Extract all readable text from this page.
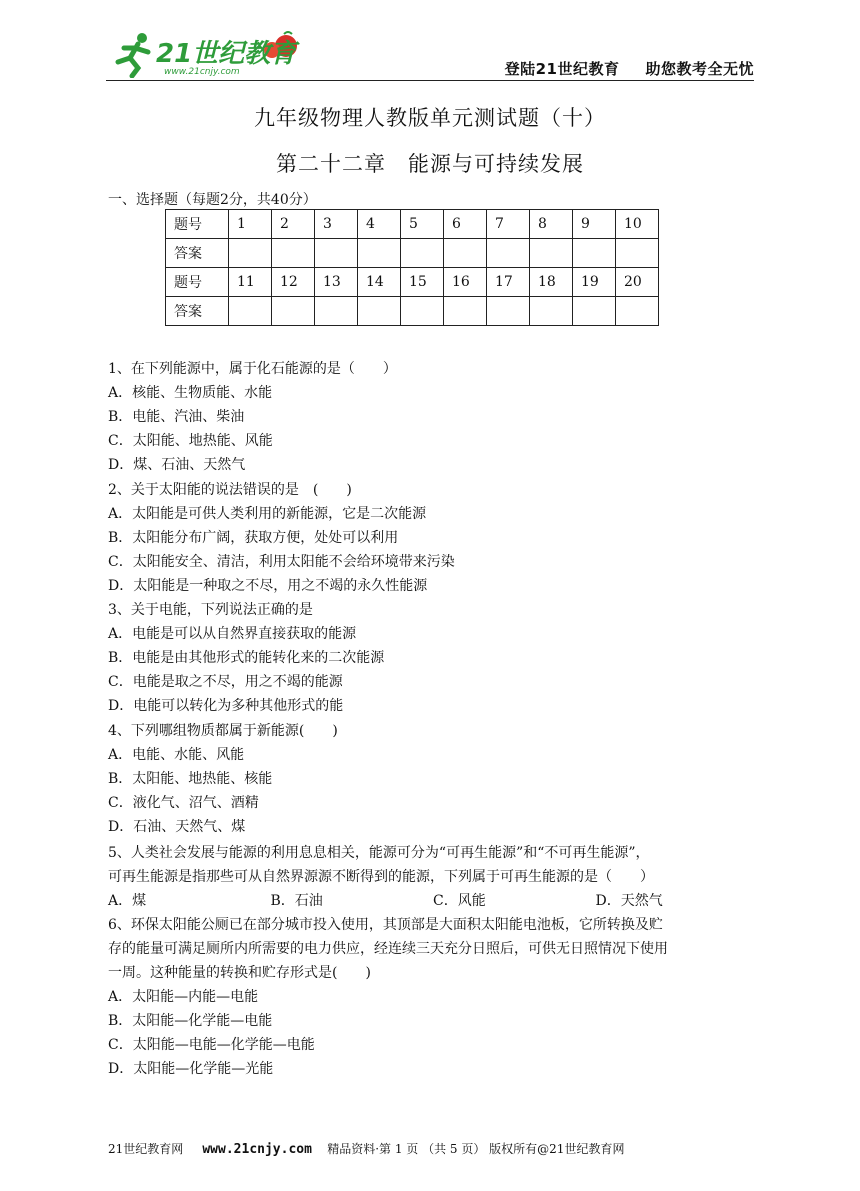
21世纪教育
www.21cnjy.com	登陆21世纪教育 助您教考全无忧
九年级物理人教版单元测试题（十）
第二十二章　能源与可持续发展
一、选择题（每题2分，共40分）
题号	1	2	3	4	5	6	7	8	9	10
答案										
题号	11	12	13	14	15	16	17	18	19	20
答案										
1、在下列能源中，属于化石能源的是（　　）
A．核能、生物质能、水能
B．电能、汽油、柴油
C．太阳能、地热能、风能
D．煤、石油、天然气
2、关于太阳能的说法错误的是　(　　)
A．太阳能是可供人类利用的新能源，它是二次能源
B．太阳能分布广阔，获取方便，处处可以利用
C．太阳能安全、清洁，利用太阳能不会给环境带来污染
D．太阳能是一种取之不尽，用之不竭的永久性能源
3、关于电能，下列说法正确的是
A．电能是可以从自然界直接获取的能源
B．电能是由其他形式的能转化来的二次能源
C．电能是取之不尽，用之不竭的能源
D．电能可以转化为多种其他形式的能
4、下列哪组物质都属于新能源(　　)
A．电能、水能、风能
B．太阳能、地热能、核能
C．液化气、沼气、酒精
D．石油、天然气、煤
5、人类社会发展与能源的利用息息相关，能源可分为“可再生能源”和“不可再生能源”，
可再生能源是指那些可从自然界源源不断得到的能源，下列属于可再生能源的是（　　）
A．煤	B．石油	C．风能	D．天然气
6、环保太阳能公厕已在部分城市投入使用，其顶部是大面积太阳能电池板，它所转换及贮
存的能量可满足厕所内所需要的电力供应，经连续三天充分日照后，可供无日照情况下使用
一周。这种能量的转换和贮存形式是(　　)
A．太阳能—内能—电能
B．太阳能—化学能—电能
C．太阳能—电能—化学能—电能
D．太阳能—化学能—光能
21世纪教育网 www.21cnjy.com 精品资料·第 1 页 （共 5 页） 版权所有@21世纪教育网
